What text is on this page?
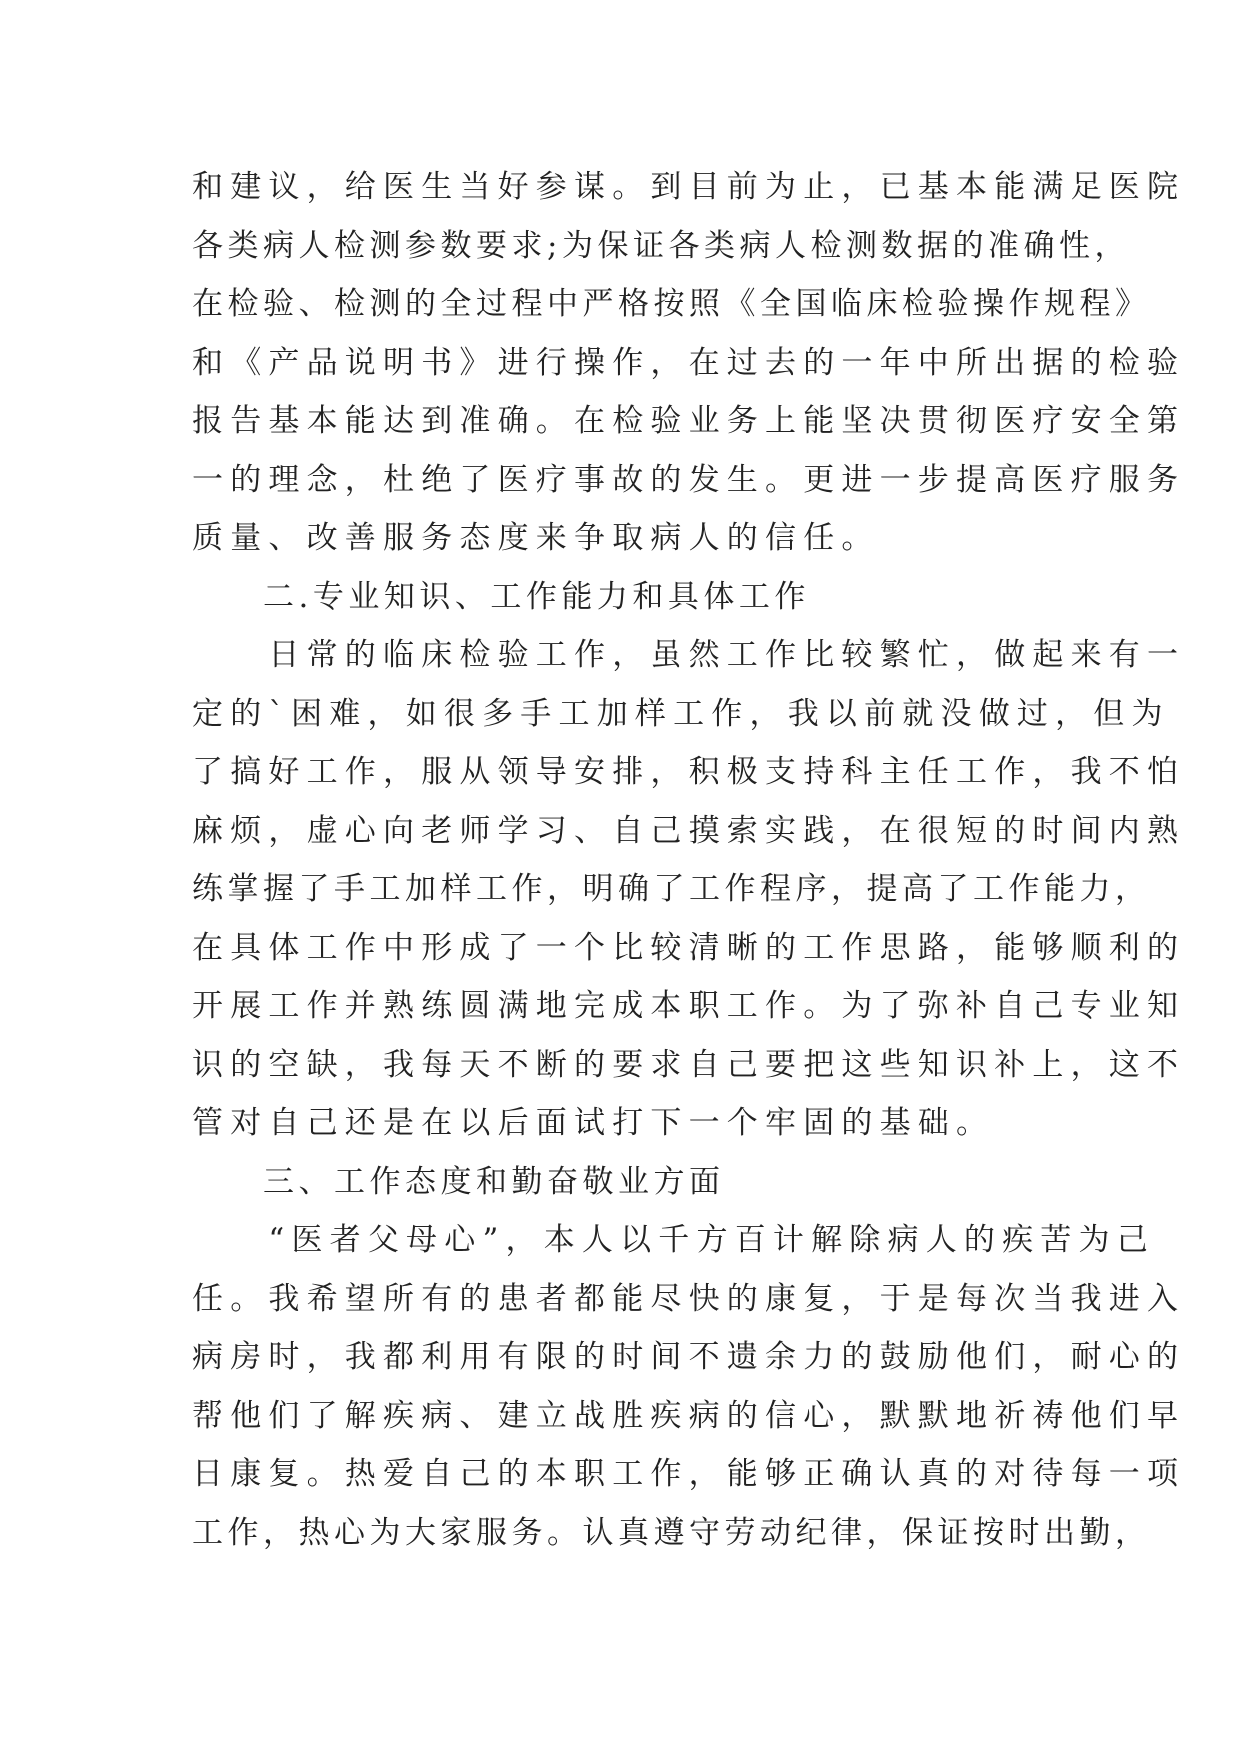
和建议，给医生当好参谋。到目前为止，已基本能满足医院
各类病人检测参数要求;为保证各类病人检测数据的准确性，
在检验、检测的全过程中严格按照《全国临床检验操作规程》
和《产品说明书》进行操作，在过去的一年中所出据的检验
报告基本能达到准确。在检验业务上能坚决贯彻医疗安全第
一的理念，杜绝了医疗事故的发生。更进一步提高医疗服务
质量、改善服务态度来争取病人的信任。
　　二.专业知识、工作能力和具体工作
　　日常的临床检验工作，虽然工作比较繁忙，做起来有一
定的`困难，如很多手工加样工作，我以前就没做过，但为
了搞好工作，服从领导安排，积极支持科主任工作，我不怕
麻烦，虚心向老师学习、自己摸索实践，在很短的时间内熟
练掌握了手工加样工作，明确了工作程序，提高了工作能力，
在具体工作中形成了一个比较清晰的工作思路，能够顺利的
开展工作并熟练圆满地完成本职工作。为了弥补自己专业知
识的空缺，我每天不断的要求自己要把这些知识补上，这不
管对自己还是在以后面试打下一个牢固的基础。
　　三、工作态度和勤奋敬业方面
　　“医者父母心”，本人以千方百计解除病人的疾苦为己
任。我希望所有的患者都能尽快的康复，于是每次当我进入
病房时，我都利用有限的时间不遗余力的鼓励他们，耐心的
帮他们了解疾病、建立战胜疾病的信心，默默地祈祷他们早
日康复。热爱自己的本职工作，能够正确认真的对待每一项
工作，热心为大家服务。认真遵守劳动纪律，保证按时出勤，
